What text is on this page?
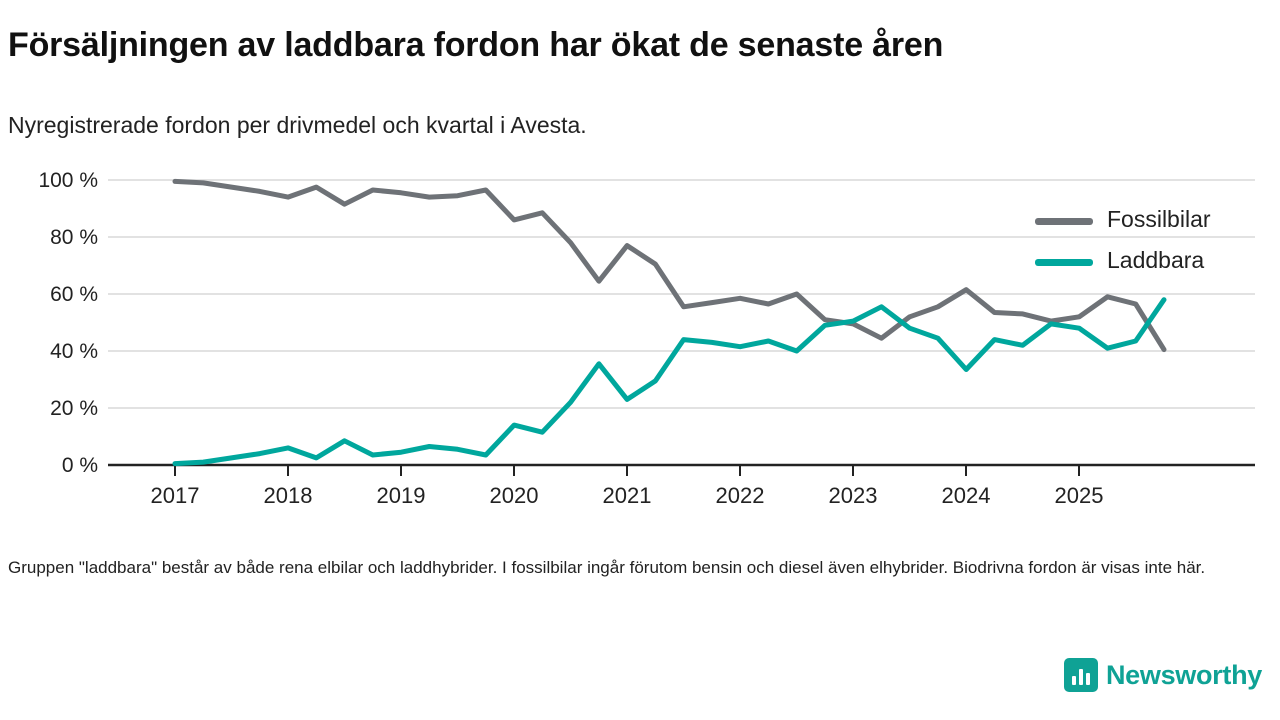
Försäljningen av laddbara fordon har ökat de senaste åren
Nyregistrerade fordon per drivmedel och kvartal i Avesta.
100 %
80 %
60 %
40 %
20 %
0 %
2017	2018	2019	2020	2021	2022	2023	2024	2025
Fossilbilar
Laddbara
Gruppen "laddbara" består av både rena elbilar och laddhybrider. I fossilbilar ingår förutom bensin och diesel även elhybrider. Biodrivna fordon är visas inte här.
Newsworthy
